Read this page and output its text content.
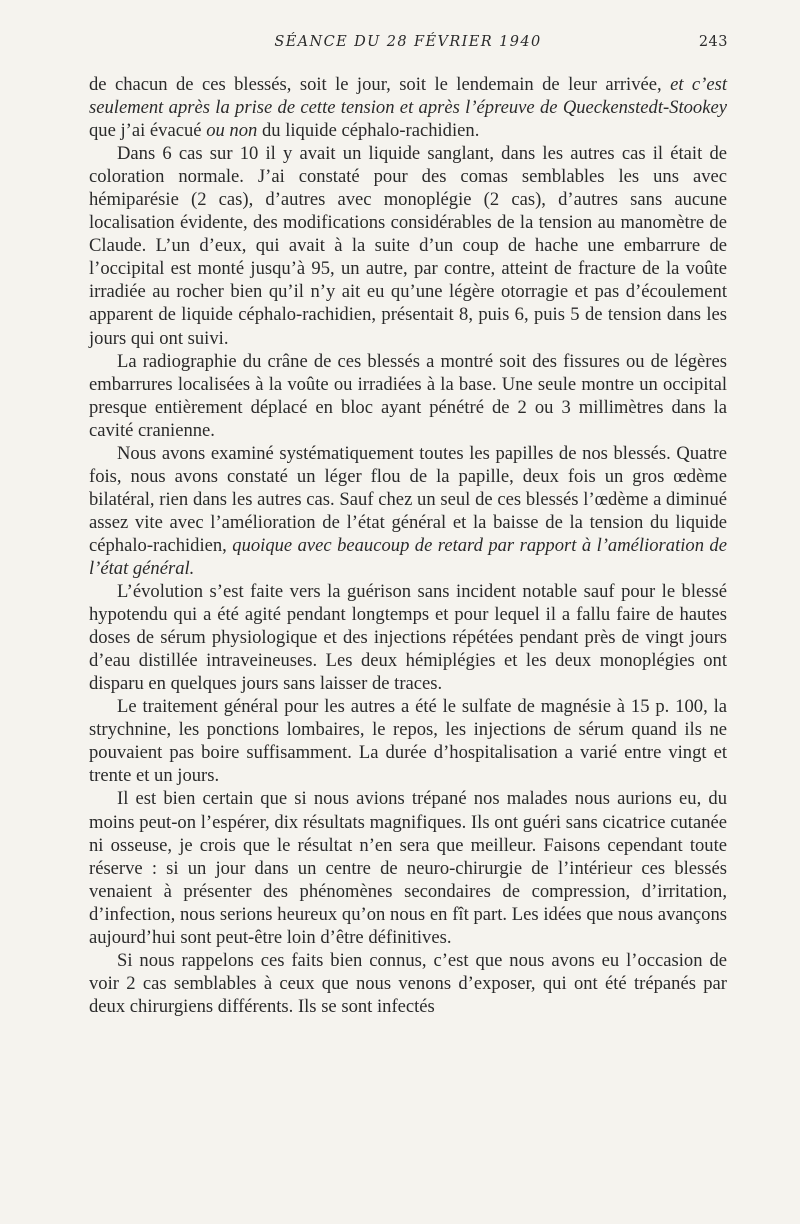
SÉANCE DU 28 FÉVRIER 1940	243

de chacun de ces blessés, soit le jour, soit le lendemain de leur arrivée, et c’est seulement après la prise de cette tension et après l’épreuve de Queckenstedt-Stookey que j’ai évacué ou non du liquide céphalo-rachidien.

Dans 6 cas sur 10 il y avait un liquide sanglant, dans les autres cas il était de coloration normale. J’ai constaté pour des comas semblables les uns avec hémiparésie (2 cas), d’autres avec monoplégie (2 cas), d’autres sans aucune localisation évidente, des modifications considérables de la tension au manomètre de Claude. L’un d’eux, qui avait à la suite d’un coup de hache une embarrure de l’occipital est monté jusqu’à 95, un autre, par contre, atteint de fracture de la voûte irradiée au rocher bien qu’il n’y ait eu qu’une légère otorragie et pas d’écoulement apparent de liquide céphalo-rachidien, présentait 8, puis 6, puis 5 de tension dans les jours qui ont suivi.

La radiographie du crâne de ces blessés a montré soit des fissures ou de légères embarrures localisées à la voûte ou irradiées à la base. Une seule montre un occipital presque entièrement déplacé en bloc ayant pénétré de 2 ou 3 millimètres dans la cavité cranienne.

Nous avons examiné systématiquement toutes les papilles de nos blessés. Quatre fois, nous avons constaté un léger flou de la papille, deux fois un gros œdème bilatéral, rien dans les autres cas. Sauf chez un seul de ces blessés l’œdème a diminué assez vite avec l’amélioration de l’état général et la baisse de la tension du liquide céphalo-rachidien, quoique avec beaucoup de retard par rapport à l’amélioration de l’état général.

L’évolution s’est faite vers la guérison sans incident notable sauf pour le blessé hypotendu qui a été agité pendant longtemps et pour lequel il a fallu faire de hautes doses de sérum physiologique et des injections répétées pendant près de vingt jours d’eau distillée intraveineuses. Les deux hémiplégies et les deux monoplégies ont disparu en quelques jours sans laisser de traces.

Le traitement général pour les autres a été le sulfate de magnésie à 15 p. 100, la strychnine, les ponctions lombaires, le repos, les injections de sérum quand ils ne pouvaient pas boire suffisamment. La durée d’hospitalisation a varié entre vingt et trente et un jours.

Il est bien certain que si nous avions trépané nos malades nous aurions eu, du moins peut-on l’espérer, dix résultats magnifiques. Ils ont guéri sans cicatrice cutanée ni osseuse, je crois que le résultat n’en sera que meilleur. Faisons cependant toute réserve : si un jour dans un centre de neuro-chirurgie de l’intérieur ces blessés venaient à présenter des phénomènes secondaires de compression, d’irritation, d’infection, nous serions heureux qu’on nous en fît part. Les idées que nous avançons aujourd’hui sont peut-être loin d’être définitives.

Si nous rappelons ces faits bien connus, c’est que nous avons eu l’occasion de voir 2 cas semblables à ceux que nous venons d’exposer, qui ont été trépanés par deux chirurgiens différents. Ils se sont infectés
